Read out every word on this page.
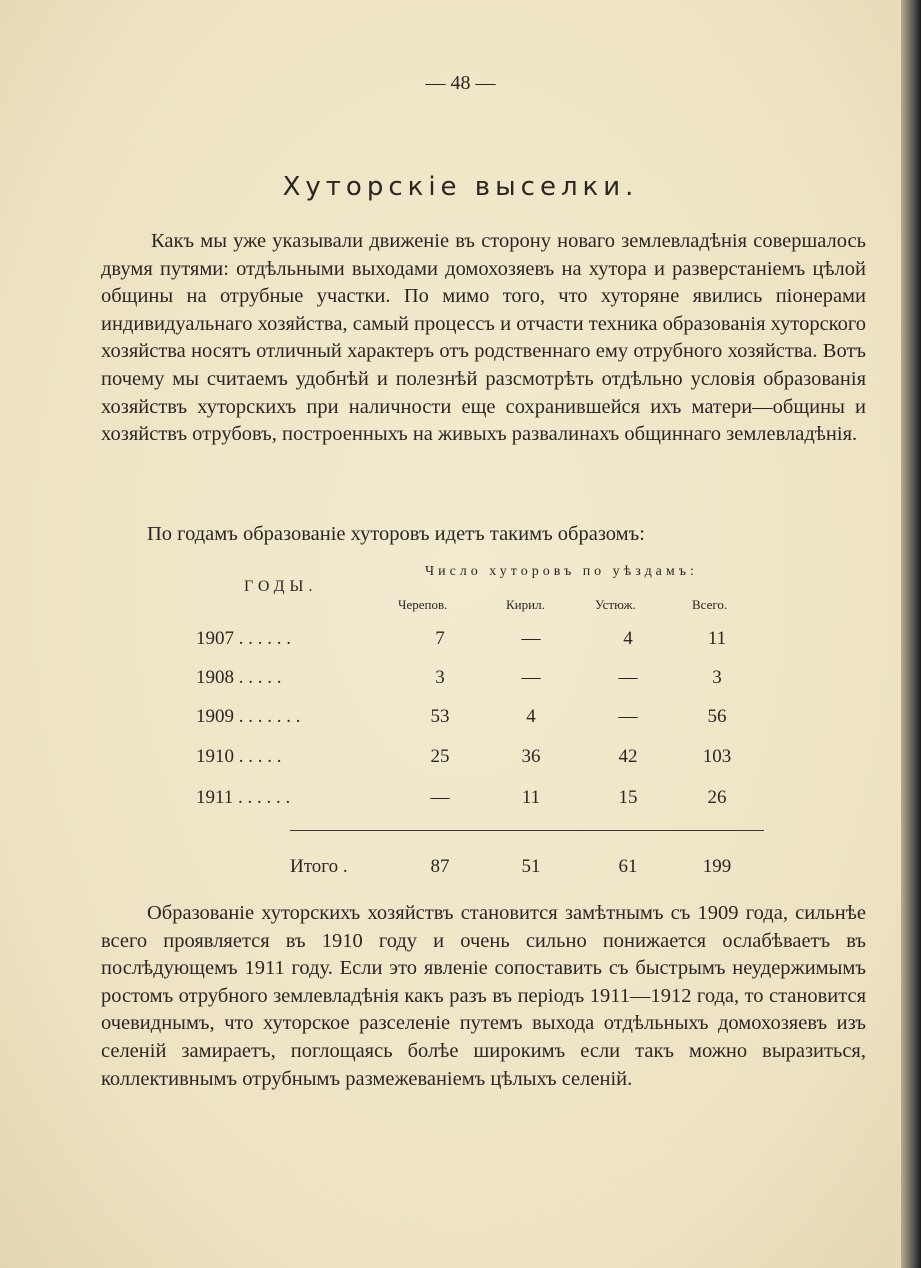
— 48 —
Хуторскіе выселки.
Какъ мы уже указывали движеніе въ сторону новаго землевладѣнія совершалось двумя путями: отдѣльными выходами домохозяевъ на хутора и разверстаніемъ цѣлой общины на отрубные участки. По мимо того, что хуторяне явились піонерами индивидуальнаго хозяйства, самый процессъ и отчасти техника образованія хуторского хозяйства носятъ отличный характеръ отъ родственнаго ему отрубного хозяйства. Вотъ почему мы считаемъ удобнѣй и полезнѣй разсмотрѣть отдѣльно условія образованія хозяйствъ хуторскихъ при наличности еще сохранившейся ихъ матери—общины и хозяйствъ отрубовъ, построенныхъ на живыхъ развалинахъ общиннаго землевладѣнія.
По годамъ образованіе хуторовъ идетъ такимъ образомъ:
ГОДЫ.
Число хуторовъ по уѣздамъ:
Черепов.	Кирил.	Устюж.	Всего.
1907 . . . . . .	7	—	4	11
1908 . . . . .	3	—	—	3
1909 . . . . . . .	53	4	—	56
1910 . . . . .	25	36	42	103
1911 . . . . . .	—	11	15	26
Итого .	87	51	61	199
Образованіе хуторскихъ хозяйствъ становится замѣтнымъ съ 1909 года, сильнѣе всего проявляется въ 1910 году и очень сильно понижается ослабѣваетъ въ послѣдующемъ 1911 году. Если это явленіе сопоставить съ быстрымъ неудержимымъ ростомъ отрубного землевладѣнія какъ разъ въ періодъ 1911—1912 года, то становится очевиднымъ, что хуторское разселеніе путемъ выхода отдѣльныхъ домохозяевъ изъ селеній замираетъ, поглощаясь болѣе широкимъ если такъ можно выразиться, коллективнымъ отрубнымъ размежеваніемъ цѣлыхъ селеній.
